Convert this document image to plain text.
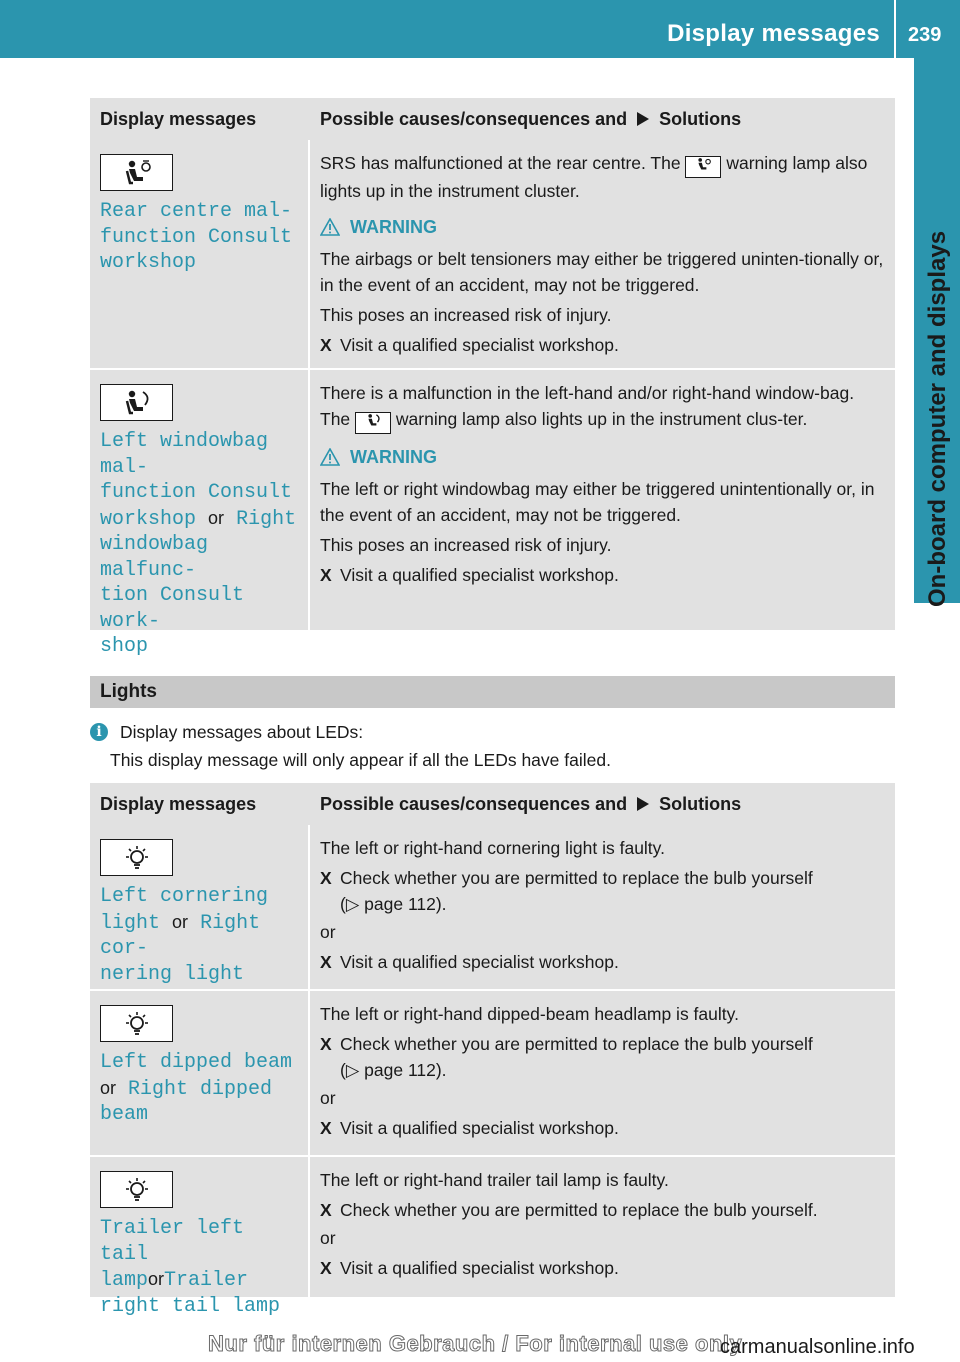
Display messages 239
On-board computer and displays
Display messages	Possible causes/consequences and Solutions
Rear centre mal-
function Consult
workshop

SRS has malfunctioned at the rear centre. The	warning lamp also lights up in the instrument cluster.

WARNING

The airbags or belt tensioners may either be triggered uninten-tionally or, in the event of an accident, may not be triggered.

This poses an increased risk of injury.

X Visit a qualified specialist workshop.
Left windowbag mal-
function Consult
workshop or Right
windowbag malfunc-
tion Consult work-
shop

There is a malfunction in the left-hand and/or right-hand window-bag. The	warning lamp also lights up in the instrument clus-ter.

WARNING

The left or right windowbag may either be triggered unintentionally or, in the event of an accident, may not be triggered.

This poses an increased risk of injury.

X Visit a qualified specialist workshop.
Lights
i	Display messages about LEDs:
This display message will only appear if all the LEDs have failed.
Display messages	Possible causes/consequences and Solutions
Left cornering
light or Right cor-
nering light

The left or right-hand cornering light is faulty.

X Check whether you are permitted to replace the bulb yourself
(▷ page 112).

or

X Visit a qualified specialist workshop.
Left dipped beam
or Right dipped
beam

The left or right-hand dipped-beam headlamp is faulty.

X Check whether you are permitted to replace the bulb yourself
(▷ page 112).

or

X Visit a qualified specialist workshop.
Trailer left tail
lamporTrailer
right tail lamp

The left or right-hand trailer tail lamp is faulty.

X Check whether you are permitted to replace the bulb yourself.

or

X Visit a qualified specialist workshop.
Nur für internen Gebrauch / For internal use only
carmanualsonline.info
